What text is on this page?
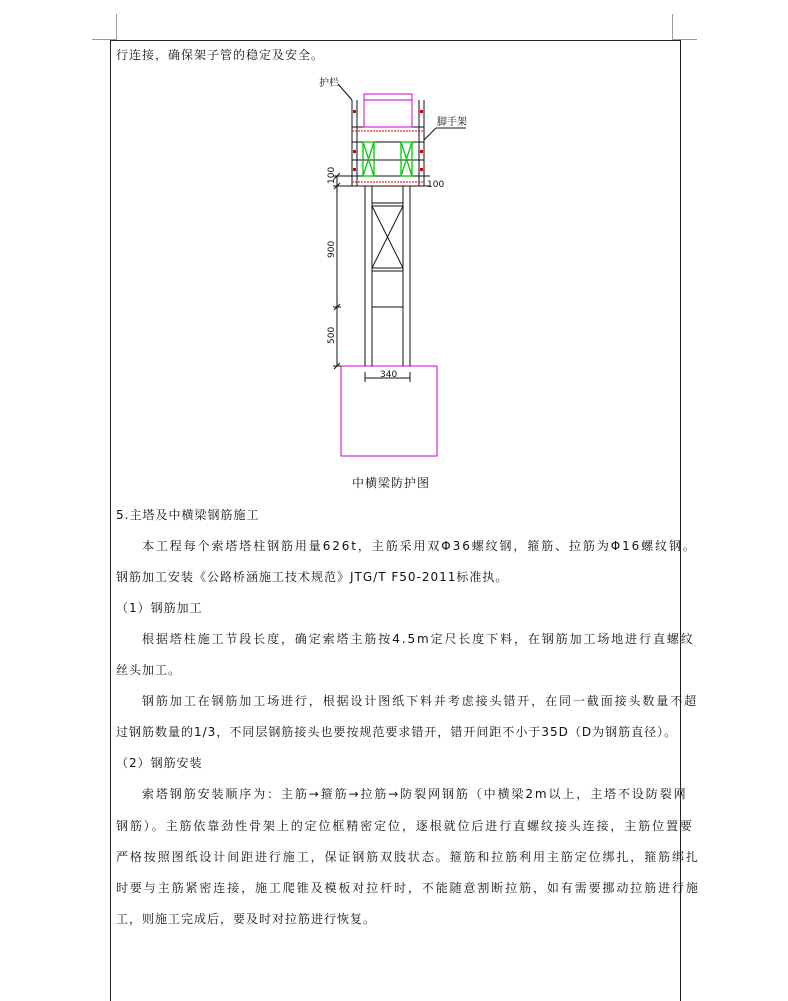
行连接，确保架子管的稳定及安全。
护栏
脚手架
100
100
900
500
340
中横梁防护图
5.主塔及中横梁钢筋施工
本工程每个索塔塔柱钢筋用量626t，主筋采用双Φ36螺纹钢，箍筋、拉筋为Φ16螺纹钢。
钢筋加工安装《公路桥涵施工技术规范》JTG/T F50-2011标准执。
（1）钢筋加工
根据塔柱施工节段长度，确定索塔主筋按4.5m定尺长度下料，在钢筋加工场地进行直螺纹
丝头加工。
钢筋加工在钢筋加工场进行，根据设计图纸下料并考虑接头错开，在同一截面接头数量不超
过钢筋数量的1/3，不同层钢筋接头也要按规范要求错开，错开间距不小于35D（D为钢筋直径）。
（2）钢筋安装
索塔钢筋安装顺序为：主筋→箍筋→拉筋→防裂网钢筋（中横梁2m以上，主塔不设防裂网
钢筋）。主筋依靠劲性骨架上的定位框精密定位，逐根就位后进行直螺纹接头连接，主筋位置要
严格按照图纸设计间距进行施工，保证钢筋双肢状态。箍筋和拉筋利用主筋定位绑扎，箍筋绑扎
时要与主筋紧密连接，施工爬锥及模板对拉杆时，不能随意割断拉筋，如有需要挪动拉筋进行施
工，则施工完成后，要及时对拉筋进行恢复。
